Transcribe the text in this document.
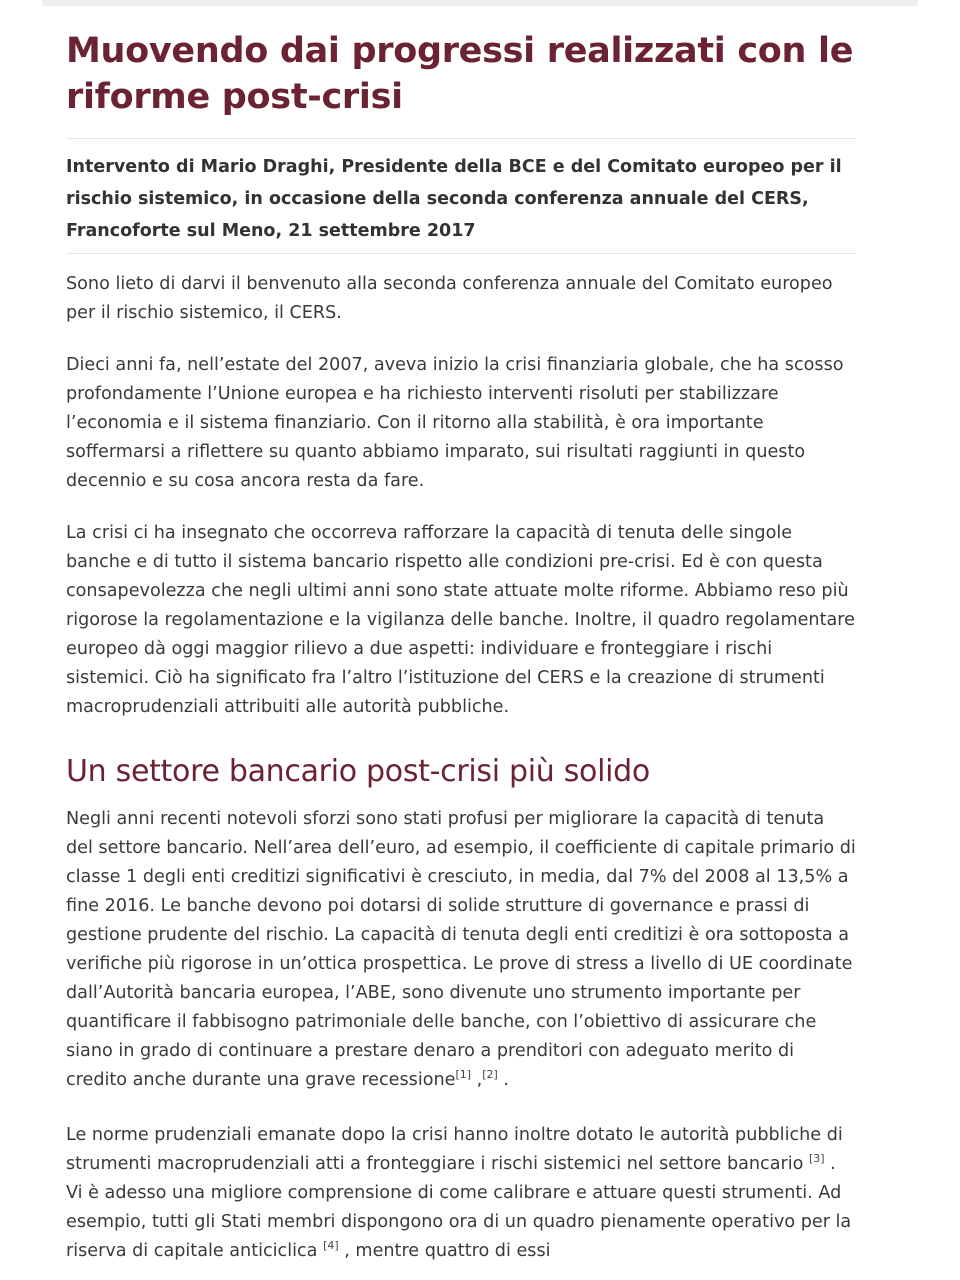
Muovendo dai progressi realizzati con le riforme post-crisi

Intervento di Mario Draghi, Presidente della BCE e del Comitato europeo per il rischio sistemico, in occasione della seconda conferenza annuale del CERS, Francoforte sul Meno, 21 settembre 2017

Sono lieto di darvi il benvenuto alla seconda conferenza annuale del Comitato europeo per il rischio sistemico, il CERS.

Dieci anni fa, nell’estate del 2007, aveva inizio la crisi finanziaria globale, che ha scosso profondamente l’Unione europea e ha richiesto interventi risoluti per stabilizzare l’economia e il sistema finanziario. Con il ritorno alla stabilità, è ora importante soffermarsi a riflettere su quanto abbiamo imparato, sui risultati raggiunti in questo decennio e su cosa ancora resta da fare.

La crisi ci ha insegnato che occorreva rafforzare la capacità di tenuta delle singole banche e di tutto il sistema bancario rispetto alle condizioni pre-crisi. Ed è con questa consapevolezza che negli ultimi anni sono state attuate molte riforme. Abbiamo reso più rigorose la regolamentazione e la vigilanza delle banche. Inoltre, il quadro regolamentare europeo dà oggi maggior rilievo a due aspetti: individuare e fronteggiare i rischi sistemici. Ciò ha significato fra l’altro l’istituzione del CERS e la creazione di strumenti macroprudenziali attribuiti alle autorità pubbliche.

Un settore bancario post-crisi più solido

Negli anni recenti notevoli sforzi sono stati profusi per migliorare la capacità di tenuta del settore bancario. Nell’area dell’euro, ad esempio, il coefficiente di capitale primario di classe 1 degli enti creditizi significativi è cresciuto, in media, dal 7% del 2008 al 13,5% a fine 2016. Le banche devono poi dotarsi di solide strutture di governance e prassi di gestione prudente del rischio. La capacità di tenuta degli enti creditizi è ora sottoposta a verifiche più rigorose in un’ottica prospettica. Le prove di stress a livello di UE coordinate dall’Autorità bancaria europea, l’ABE, sono divenute uno strumento importante per quantificare il fabbisogno patrimoniale delle banche, con l’obiettivo di assicurare che siano in grado di continuare a prestare denaro a prenditori con adeguato merito di credito anche durante una grave recessione[1] ,[2] .

Le norme prudenziali emanate dopo la crisi hanno inoltre dotato le autorità pubbliche di strumenti macroprudenziali atti a fronteggiare i rischi sistemici nel settore bancario [3] . Vi è adesso una migliore comprensione di come calibrare e attuare questi strumenti. Ad esempio, tutti gli Stati membri dispongono ora di un quadro pienamente operativo per la riserva di capitale anticiclica [4] , mentre quattro di essi
